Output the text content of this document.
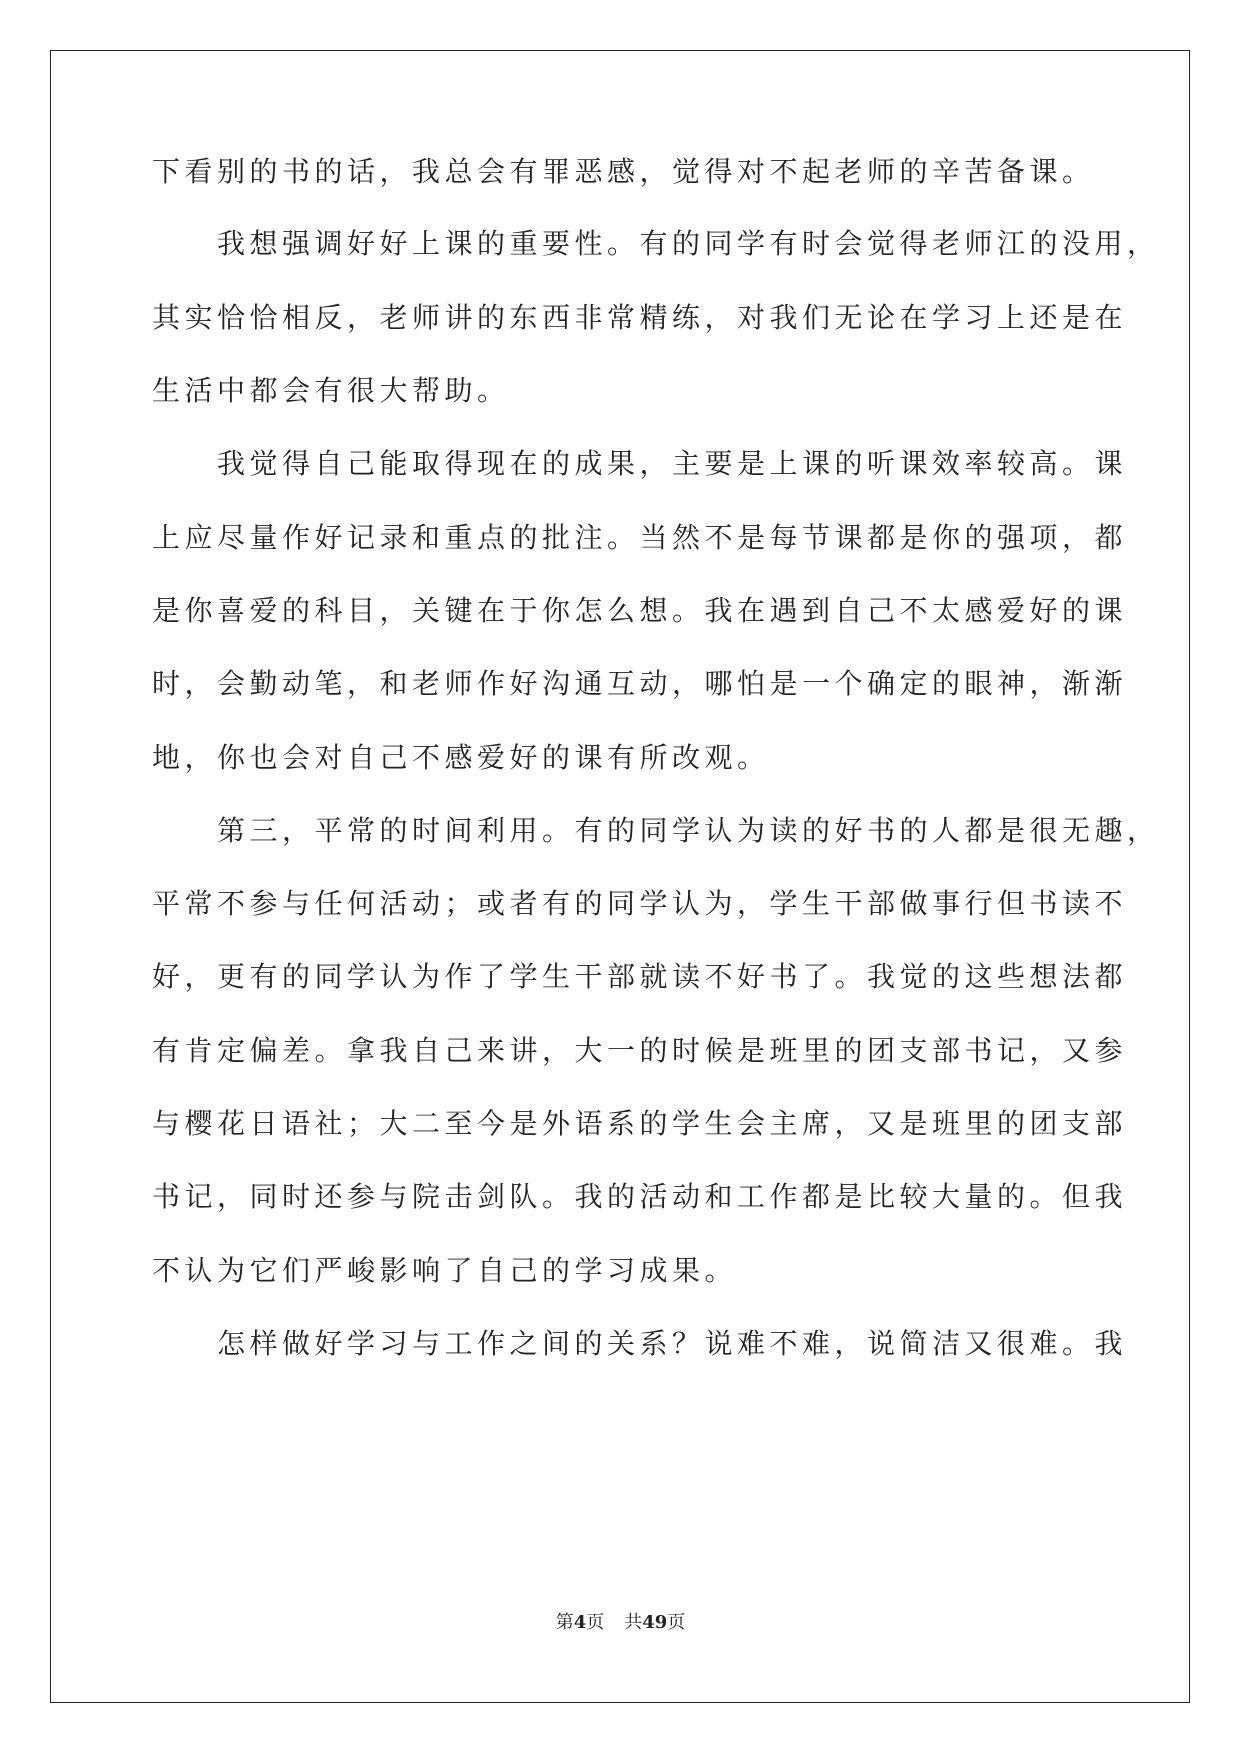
下看别的书的话，我总会有罪恶感，觉得对不起老师的辛苦备课。
　　我想强调好好上课的重要性。有的同学有时会觉得老师江的没用，
其实恰恰相反，老师讲的东西非常精练，对我们无论在学习上还是在
生活中都会有很大帮助。
　　我觉得自己能取得现在的成果，主要是上课的听课效率较高。课
上应尽量作好记录和重点的批注。当然不是每节课都是你的强项，都
是你喜爱的科目，关键在于你怎么想。我在遇到自己不太感爱好的课
时，会勤动笔，和老师作好沟通互动，哪怕是一个确定的眼神，渐渐
地，你也会对自己不感爱好的课有所改观。
　　第三，平常的时间利用。有的同学认为读的好书的人都是很无趣，
平常不参与任何活动；或者有的同学认为，学生干部做事行但书读不
好，更有的同学认为作了学生干部就读不好书了。我觉的这些想法都
有肯定偏差。拿我自己来讲，大一的时候是班里的团支部书记，又参
与樱花日语社；大二至今是外语系的学生会主席，又是班里的团支部
书记，同时还参与院击剑队。我的活动和工作都是比较大量的。但我
不认为它们严峻影响了自己的学习成果。
　　怎样做好学习与工作之间的关系？说难不难，说简洁又很难。我
第4页 共49页
